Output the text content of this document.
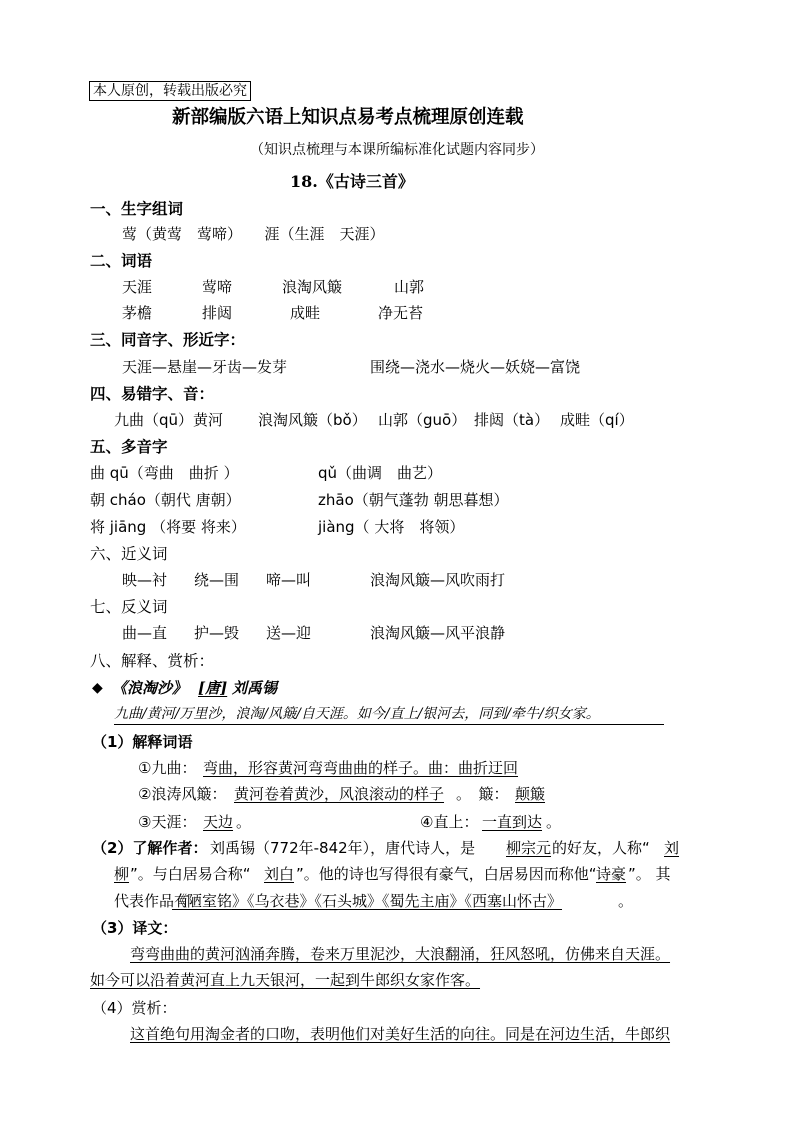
本人原创，转载出版必究
新部编版六语上知识点易考点梳理原创连载
（知识点梳理与本课所编标准化试题内容同步）
18.《古诗三首》
一、生字组词
莺（黄莺　莺啼）　　涯（生涯　天涯）
二、词语
天涯	莺啼	浪淘风簸	山郭
茅檐	排闼	成畦	净无苔
三、同音字、形近字：
天涯—悬崖—牙齿—发芽	围绕—浇水—烧火—妖娆—富饶
四、易错字、音：
九曲（qū）黄河 浪淘风簸（bǒ） 山郭（guō） 排闼（tà） 成畦（qí）
五、多音字
曲 qū（弯曲　曲折 ）	qǔ（曲调　曲艺）
朝 cháo（朝代 唐朝）	zhāo（朝气蓬勃 朝思暮想）
将 jiāng （将要 将来）	jiàng（ 大将　将领）
六、近义词
映—衬 绕—围 啼—叫	浪淘风簸—风吹雨打
七、反义词
曲—直 护—毁 送—迎	浪淘风簸—风平浪静
八、解释、赏析：
◆ 《浪淘沙》 [唐] 刘禹锡
九曲/黄河/万里沙，浪淘/风簸/自天涯。如今/直上/银河去，同到/牵牛/织女家。
（1）解释词语
①九曲： 弯曲，形容黄河弯弯曲曲的样子。曲：曲折迂回
②浪涛风簸： 黄河卷着黄沙，风浪滚动的样子 。　簸： 颠簸
③天涯： 天边 。	④直上： 一直到达 。
（2）了解作者： 刘禹锡（772年-842年），唐代诗人，是 柳宗元 的好友，人称“ 刘
柳 ”。与白居易合称“ 刘白 ”。他的诗也写得很有豪气，白居易因而称他“ 诗豪 ”。 其
代表作品有
《陋室铭》《乌衣巷》《石头城》《蜀先主庙》《西塞山怀古》	。
（3）译文：
弯弯曲曲的黄河汹涌奔腾，卷来万里泥沙，大浪翻涌，狂风怒吼，仿佛来自天涯。
如今可以沿着黄河直上九天银河，一起到牛郎织女家作客。
（4）赏析：
这首绝句用淘金者的口吻，表明他们对美好生活的向往。同是在河边生活，牛郎织
